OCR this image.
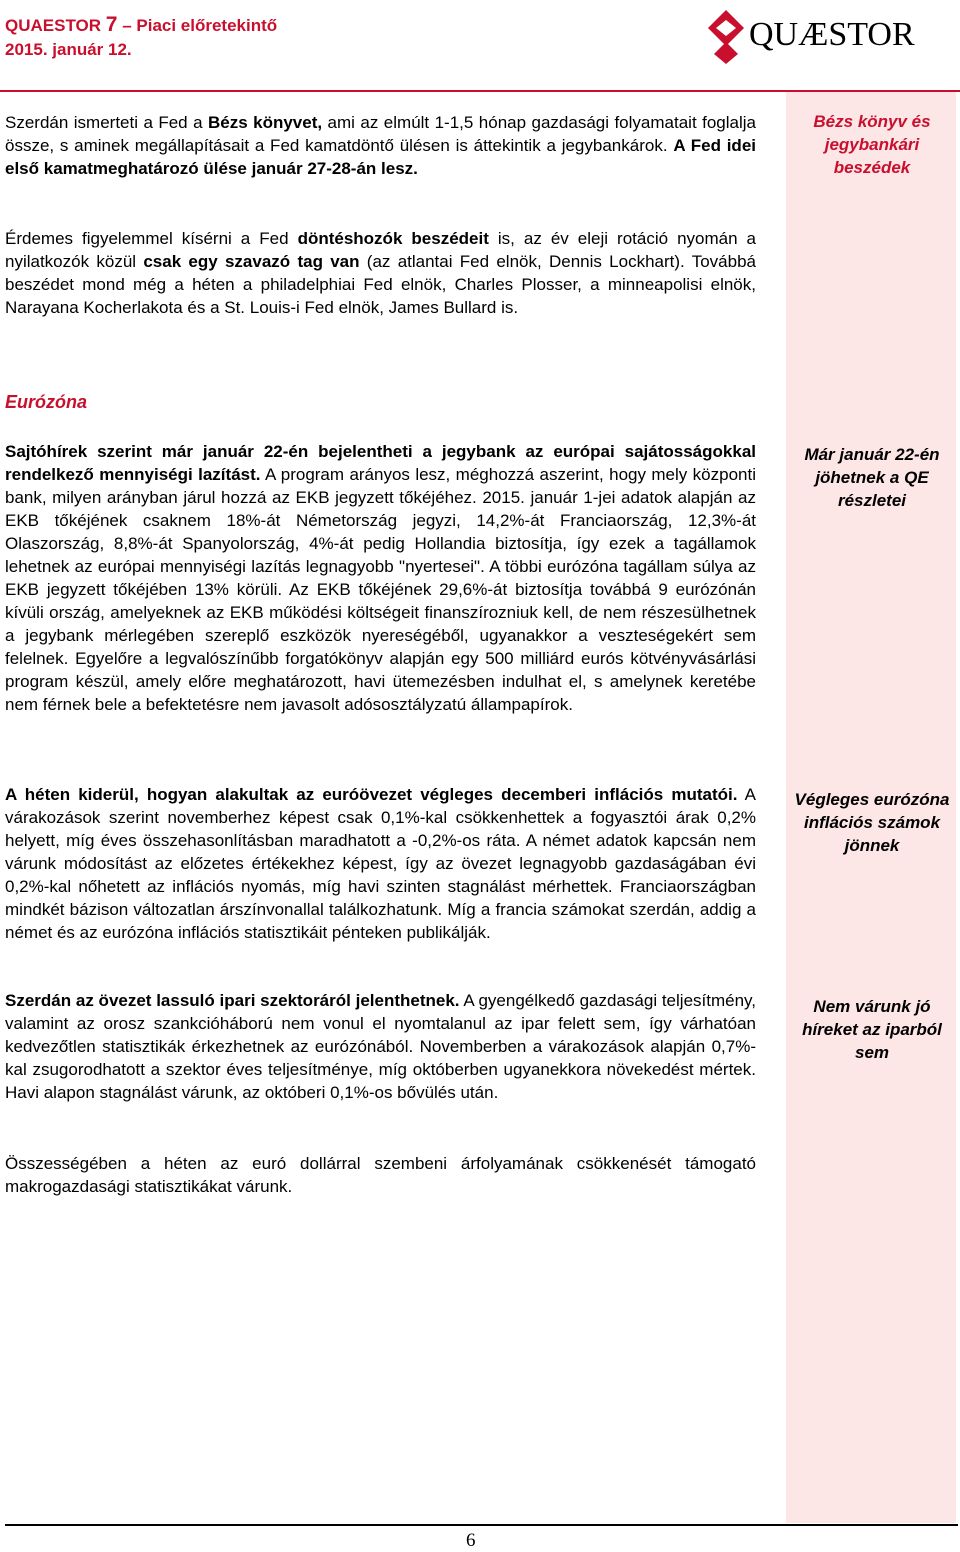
QUAESTOR 7 – Piaci előretekintő
2015. január 12.	QUÆSTOR
Szerdán ismerteti a Fed a Bézs könyvet, ami az elmúlt 1-1,5 hónap gazdasági folyamatait foglalja össze, s aminek megállapításait a Fed kamatdöntő ülésen is áttekintik a jegybankárok. A Fed idei első kamatmeghatározó ülése január 27-28-án lesz.
Bézs könyv és jegybankári beszédek
Érdemes figyelemmel kísérni a Fed döntéshozók beszédeit is, az év eleji rotáció nyomán a nyilatkozók közül csak egy szavazó tag van (az atlantai Fed elnök, Dennis Lockhart). Továbbá beszédet mond még a héten a philadelphiai Fed elnök, Charles Plosser, a minneapolisi elnök, Narayana Kocherlakota és a St. Louis-i Fed elnök, James Bullard is.
Eurózóna
Sajtóhírek szerint már január 22-én bejelentheti a jegybank az európai sajátosságokkal rendelkező mennyiségi lazítást. A program arányos lesz, méghozzá aszerint, hogy mely központi bank, milyen arányban járul hozzá az EKB jegyzett tőkéjéhez. 2015. január 1-jei adatok alapján az EKB tőkéjének csaknem 18%-át Németország jegyzi, 14,2%-át Franciaország, 12,3%-át Olaszország, 8,8%-át Spanyolország, 4%-át pedig Hollandia biztosítja, így ezek a tagállamok lehetnek az európai mennyiségi lazítás legnagyobb "nyertesei". A többi eurózóna tagállam súlya az EKB jegyzett tőkéjében 13% körüli. Az EKB tőkéjének 29,6%-át biztosítja továbbá 9 eurózónán kívüli ország, amelyeknek az EKB működési költségeit finanszírozniuk kell, de nem részesülhetnek a jegybank mérlegében szereplő eszközök nyereségéből, ugyanakkor a veszteségekért sem felelnek. Egyelőre a legvalószínűbb forgatókönyv alapján egy 500 milliárd eurós kötvényvásárlási program készül, amely előre meghatározott, havi ütemezésben indulhat el, s amelynek keretébe nem férnek bele a befektetésre nem javasolt adósosztályzatú állampapírok.
Már január 22-én jöhetnek a QE részletei
A héten kiderül, hogyan alakultak az euróövezet végleges decemberi inflációs mutatói. A várakozások szerint novemberhez képest csak 0,1%-kal csökkenhettek a fogyasztói árak 0,2% helyett, míg éves összehasonlításban maradhatott a -0,2%-os ráta. A német adatok kapcsán nem várunk módosítást az előzetes értékekhez képest, így az övezet legnagyobb gazdaságában évi 0,2%-kal nőhetett az inflációs nyomás, míg havi szinten stagnálást mérhettek. Franciaországban mindkét bázison változatlan árszínvonallal találkozhatunk. Míg a francia számokat szerdán, addig a német és az eurózóna inflációs statisztikáit pénteken publikálják.
Végleges eurózóna inflációs számok jönnek
Szerdán az övezet lassuló ipari szektoráról jelenthetnek. A gyengélkedő gazdasági teljesítmény, valamint az orosz szankcióháború nem vonul el nyomtalanul az ipar felett sem, így várhatóan kedvezőtlen statisztikák érkezhetnek az eurózónából. Novemberben a várakozások alapján 0,7%-kal zsugorodhatott a szektor éves teljesítménye, míg októberben ugyanekkora növekedést mértek. Havi alapon stagnálást várunk, az októberi 0,1%-os bővülés után.
Nem várunk jó híreket az iparból sem
Összességében a héten az euró dollárral szembeni árfolyamának csökkenését támogató makrogazdasági statisztikákat várunk.
6
